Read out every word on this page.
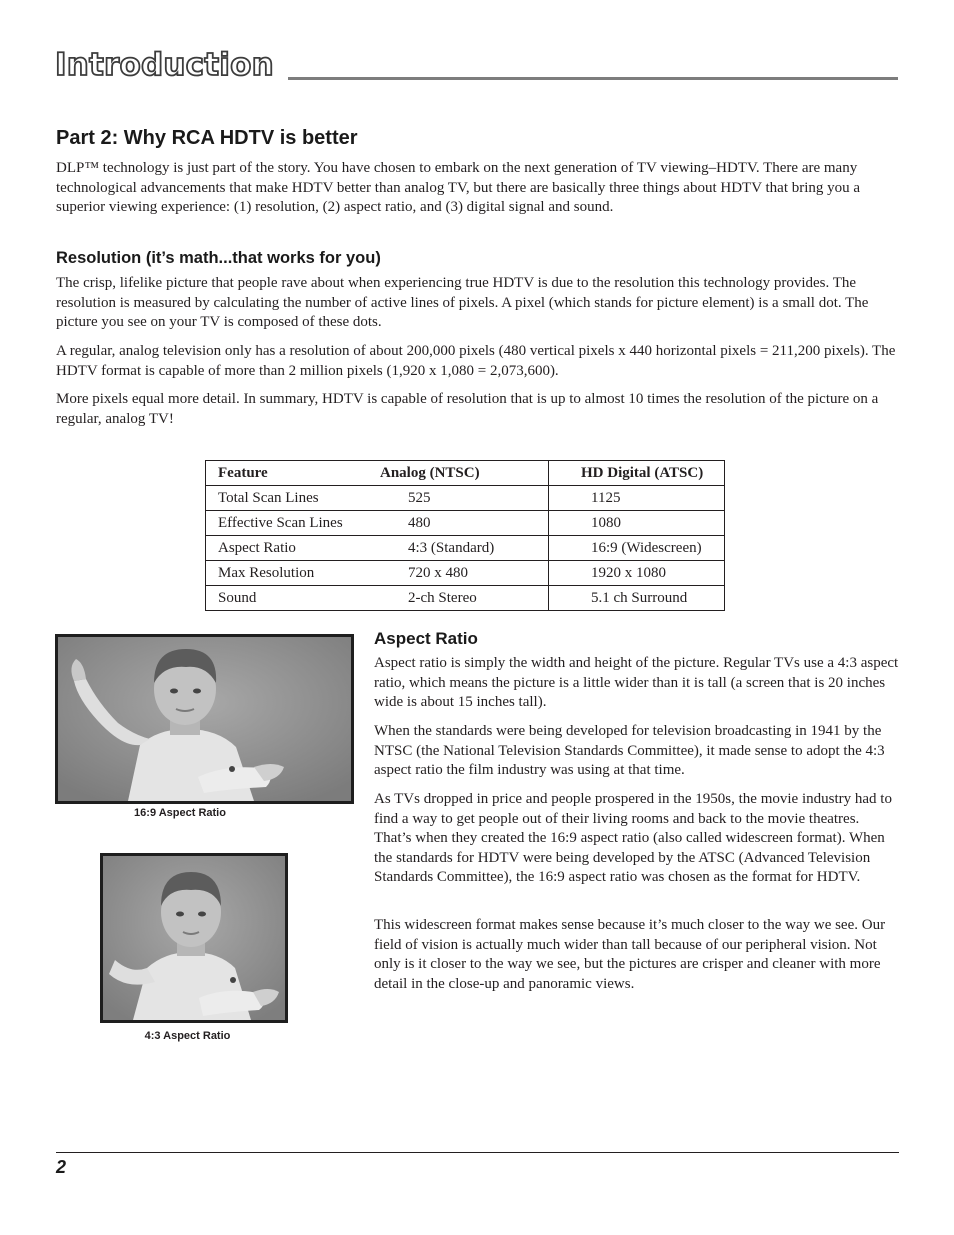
Introduction
Part 2: Why RCA HDTV is better
DLP™ technology is just part of the story. You have chosen to embark on the next generation of TV viewing–HDTV. There are many technological advancements that make HDTV better than analog TV, but there are basically three things about HDTV that bring you a superior viewing experience: (1) resolution, (2) aspect ratio, and (3) digital signal and sound.
Resolution (it’s math...that works for you)
The crisp, lifelike picture that people rave about when experiencing true HDTV is due to the resolution this technology provides. The resolution is measured by calculating the number of active lines of pixels. A pixel (which stands for picture element) is a small dot. The picture you see on your TV is composed of these dots.
A regular, analog television only has a resolution of about 200,000 pixels (480 vertical pixels x 440 horizontal pixels = 211,200 pixels). The HDTV format is capable of more than 2 million pixels (1,920 x 1,080 = 2,073,600).
More pixels equal more detail. In summary, HDTV is capable of resolution that is up to almost 10 times the resolution of the picture on a regular, analog TV!
Feature	Analog (NTSC)	HD Digital (ATSC)
Total Scan Lines	525	1125
Effective Scan Lines	480	1080
Aspect Ratio	4:3 (Standard)	16:9 (Widescreen)
Max Resolution	720 x 480	1920 x 1080
Sound	2-ch Stereo	5.1 ch Surround
16:9 Aspect Ratio
4:3 Aspect Ratio
Aspect Ratio
Aspect ratio is simply the width and height of the picture. Regular TVs use a 4:3 aspect ratio, which means the picture is a little wider than it is tall (a screen that is 20 inches wide is about 15 inches tall).
When the standards were being developed for television broadcasting in 1941 by the NTSC (the National Television Standards Committee), it made sense to adopt the 4:3 aspect ratio the film industry was using at that time.
As TVs dropped in price and people prospered in the 1950s, the movie industry had to find a way to get people out of their living rooms and back to the movie theatres. That’s when they created the 16:9 aspect ratio (also called widescreen format). When the standards for HDTV were being developed by the ATSC (Advanced Television Standards Committee), the 16:9 aspect ratio was chosen as the format for HDTV.
This widescreen format makes sense because it’s much closer to the way we see. Our field of vision is actually much wider than tall because of our peripheral vision. Not only is it closer to the way we see, but the pictures are crisper and cleaner with more detail in the close-up and panoramic views.
2
